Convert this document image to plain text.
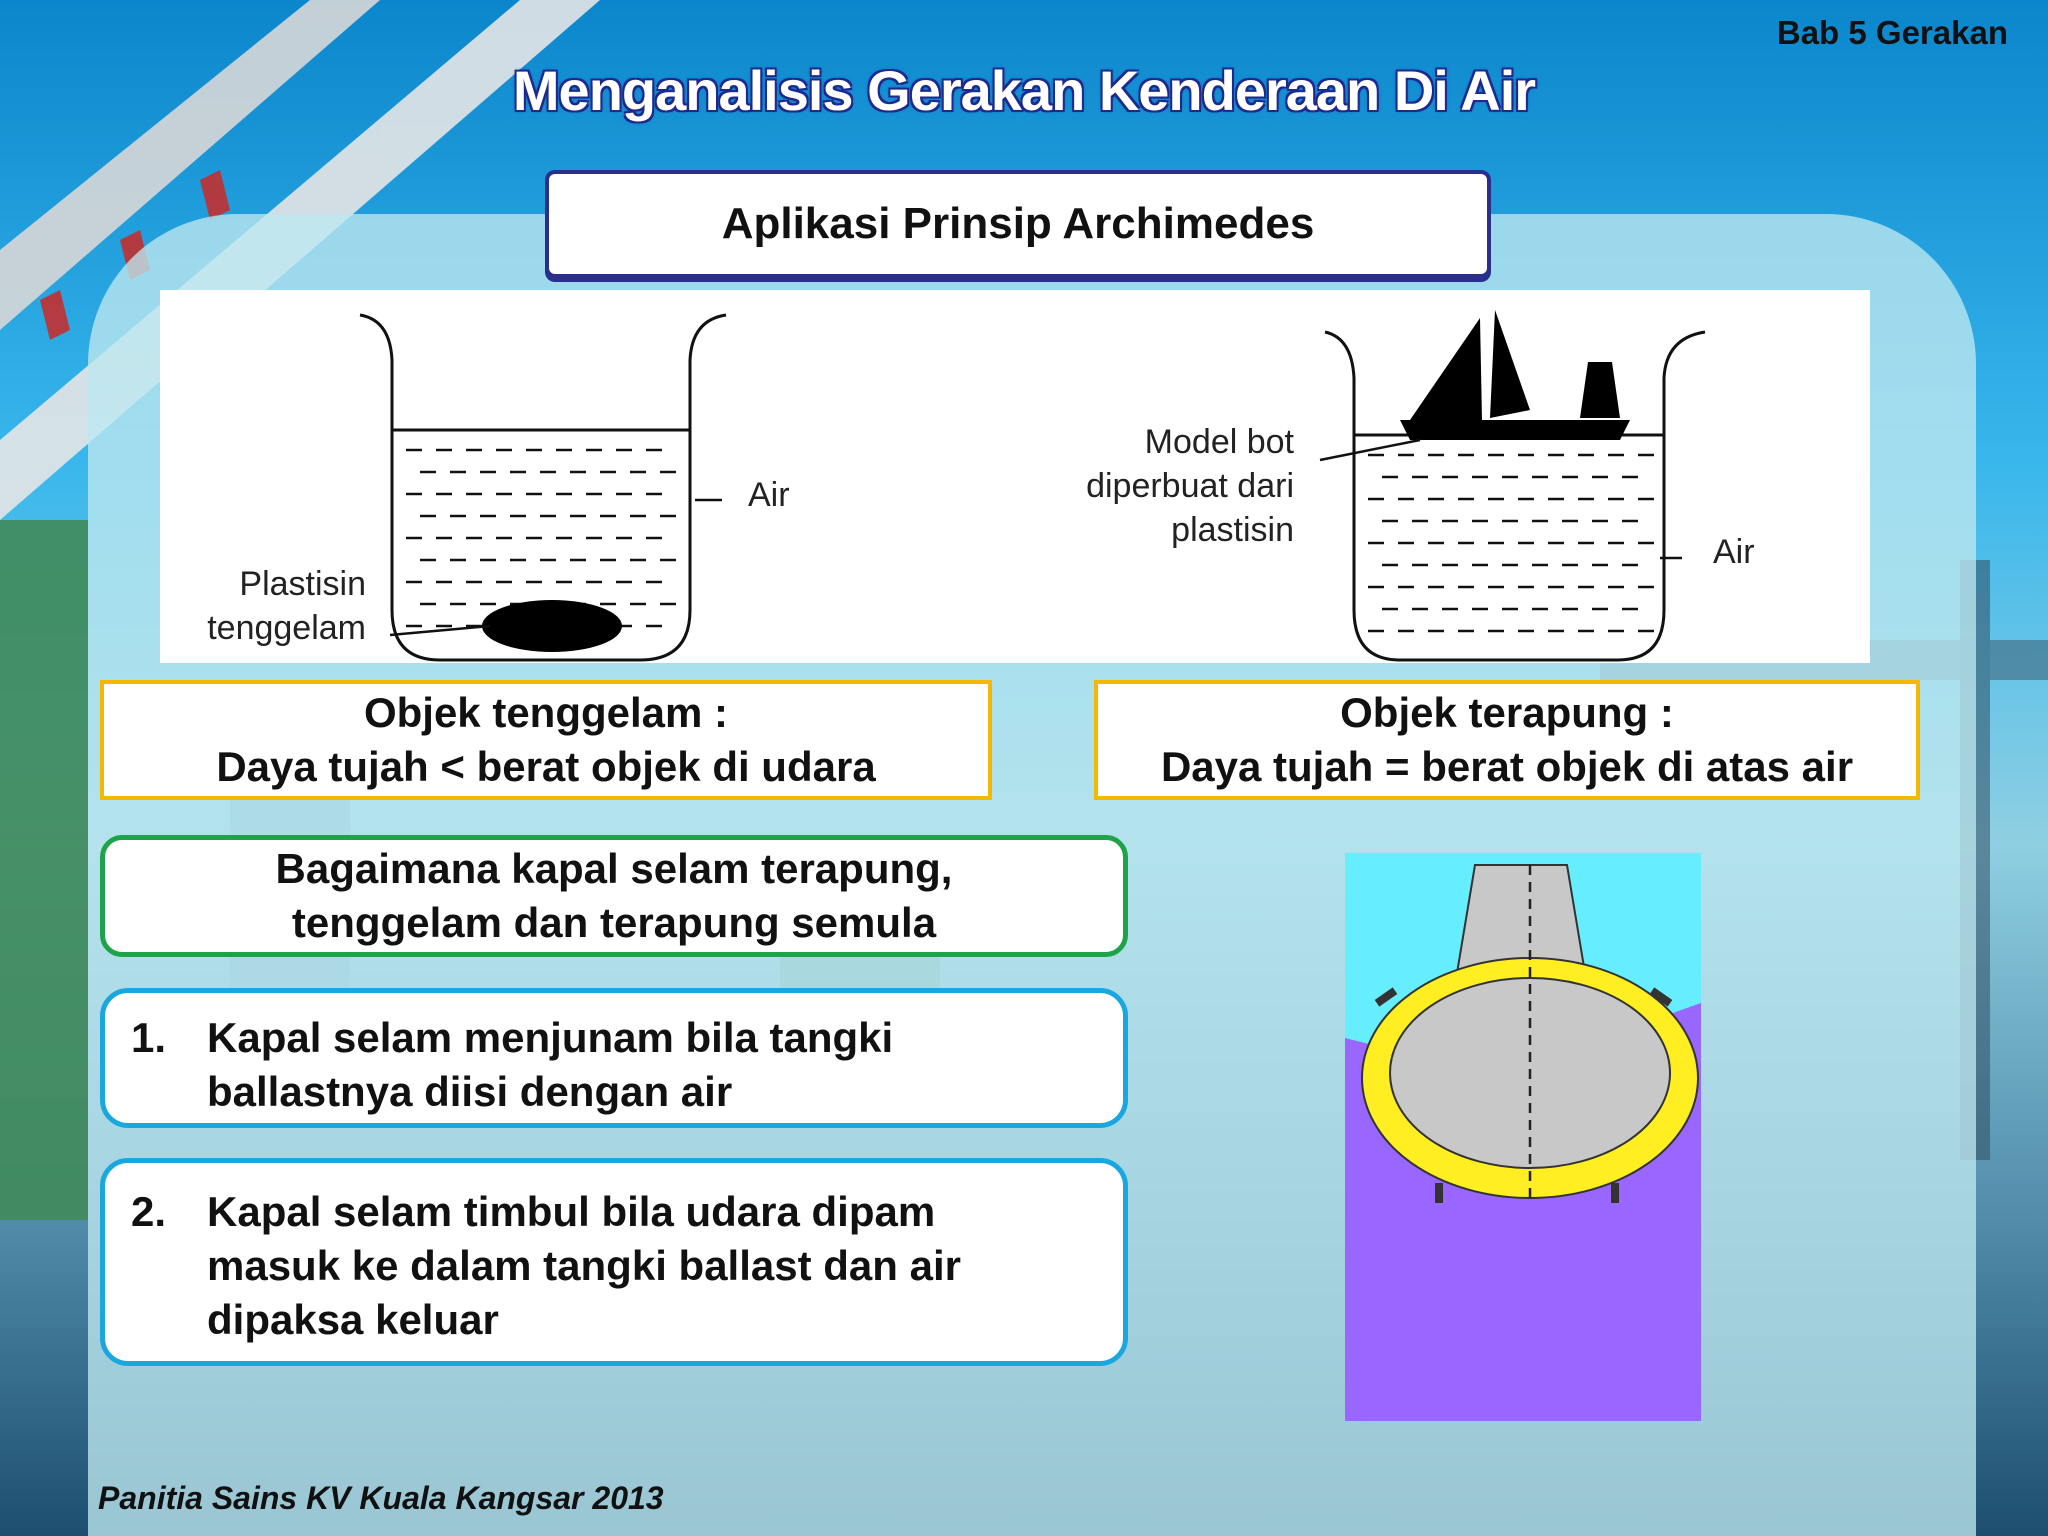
Bab 5 Gerakan
Menganalisis Gerakan Kenderaan Di Air
Aplikasi Prinsip Archimedes
Air
Plastisin
tenggelam
Model bot
diperbuat dari
plastisin
Air
Objek tenggelam :
Daya tujah < berat objek di udara
Objek terapung :
Daya tujah = berat objek di atas air
Bagaimana kapal selam terapung,
tenggelam dan terapung semula
1. Kapal selam menjunam bila tangki
ballastnya diisi dengan air
2. Kapal selam timbul bila udara dipam
masuk ke dalam tangki ballast dan air
dipaksa keluar
Panitia Sains KV Kuala Kangsar 2013
